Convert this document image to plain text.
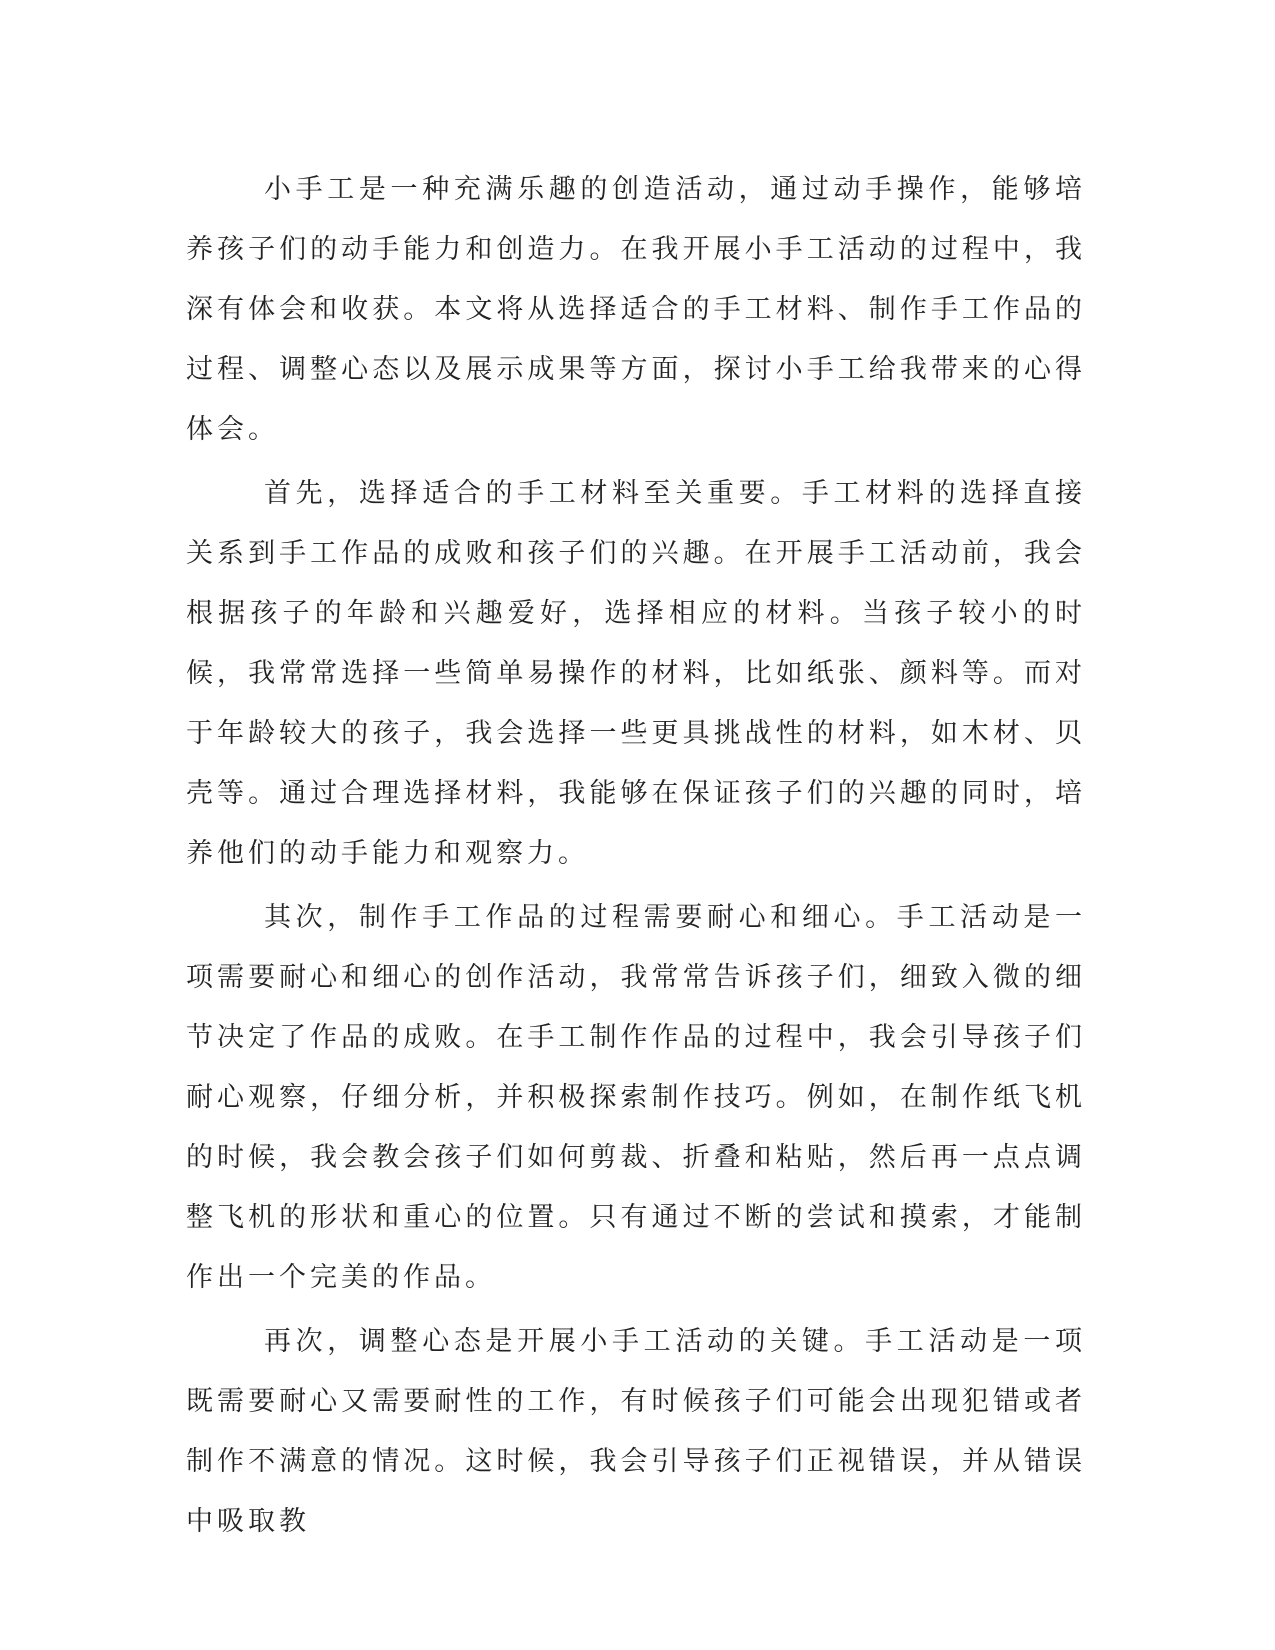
小手工是一种充满乐趣的创造活动，通过动手操作，能够培养孩子们的动手能力和创造力。在我开展小手工活动的过程中，我深有体会和收获。本文将从选择适合的手工材料、制作手工作品的过程、调整心态以及展示成果等方面，探讨小手工给我带来的心得体会。

首先，选择适合的手工材料至关重要。手工材料的选择直接关系到手工作品的成败和孩子们的兴趣。在开展手工活动前，我会根据孩子的年龄和兴趣爱好，选择相应的材料。当孩子较小的时候，我常常选择一些简单易操作的材料，比如纸张、颜料等。而对于年龄较大的孩子，我会选择一些更具挑战性的材料，如木材、贝壳等。通过合理选择材料，我能够在保证孩子们的兴趣的同时，培养他们的动手能力和观察力。

其次，制作手工作品的过程需要耐心和细心。手工活动是一项需要耐心和细心的创作活动，我常常告诉孩子们，细致入微的细节决定了作品的成败。在手工制作作品的过程中，我会引导孩子们耐心观察，仔细分析，并积极探索制作技巧。例如，在制作纸飞机的时候，我会教会孩子们如何剪裁、折叠和粘贴，然后再一点点调整飞机的形状和重心的位置。只有通过不断的尝试和摸索，才能制作出一个完美的作品。

再次，调整心态是开展小手工活动的关键。手工活动是一项既需要耐心又需要耐性的工作，有时候孩子们可能会出现犯错或者制作不满意的情况。这时候，我会引导孩子们正视错误，并从错误中吸取教
